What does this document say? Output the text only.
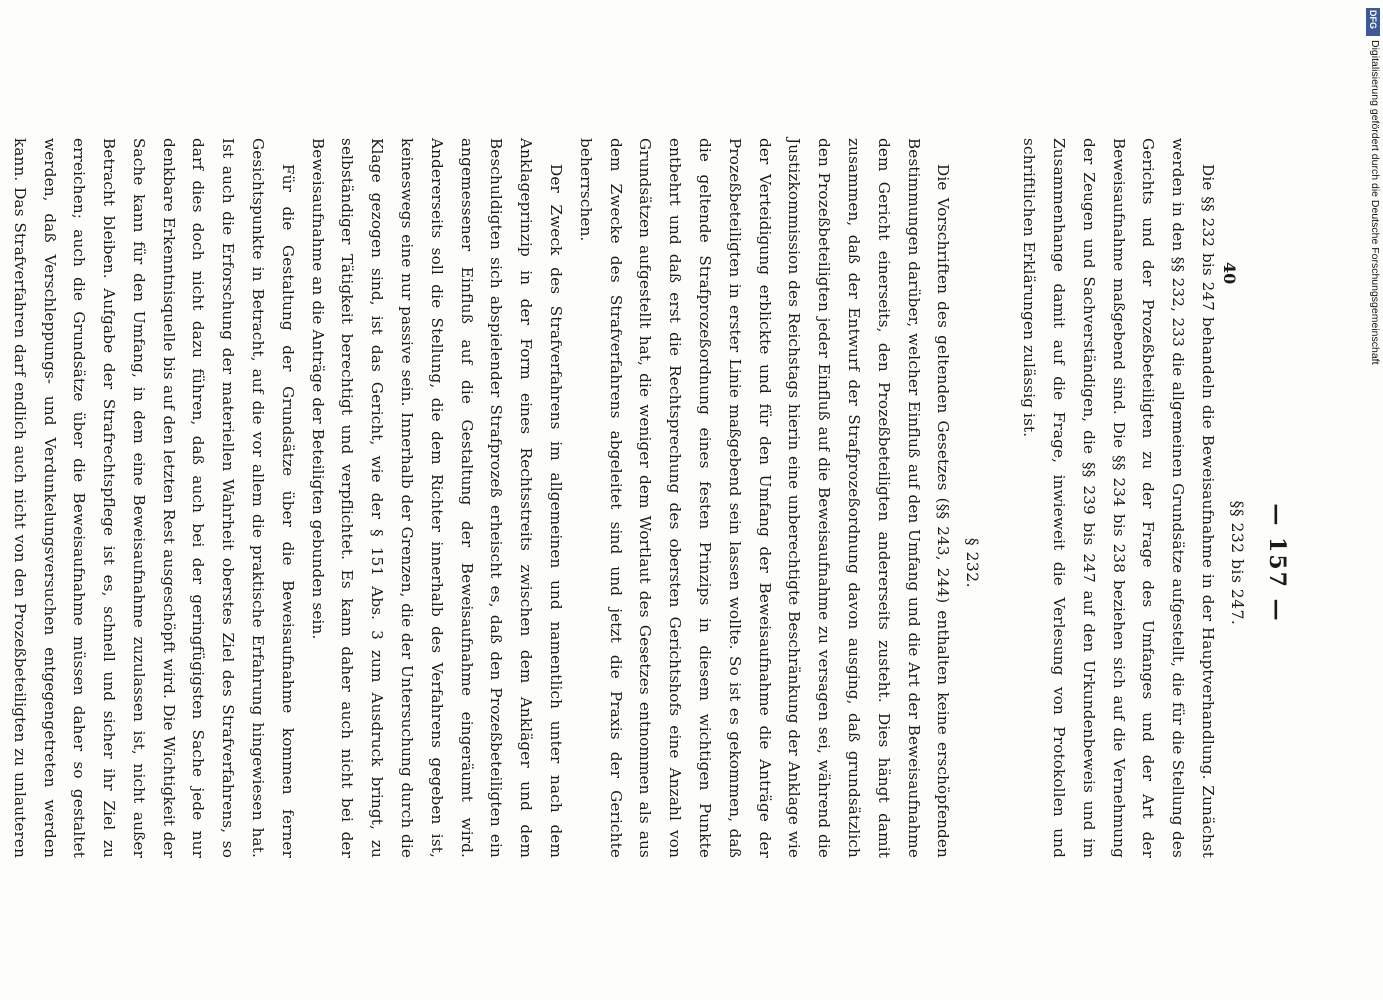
— 157 —
§§ 232 bis 247.

Die §§ 232 bis 247 behandeln die Beweisaufnahme in der Hauptverhandlung. Zunächst werden in den §§ 232, 233 die allgemeinen Grundsätze aufgestellt, die für die Stellung des Gerichts und der Prozeßbeteiligten zu der Frage des Umfanges und der Art der Beweisaufnahme maßgebend sind. Die §§ 234 bis 238 beziehen sich auf die Vernehmung der Zeugen und Sachverständigen, die §§ 239 bis 247 auf den Urkundenbeweis und im Zusammenhange damit auf die Frage, inwieweit die Verlesung von Protokollen und schriftlichen Erklärungen zulässig ist.

§ 232.

Die Vorschriften des geltenden Gesetzes (§§ 243, 244) enthalten keine erschöpfenden Bestimmungen darüber, welcher Einfluß auf den Umfang und die Art der Beweisaufnahme dem Gericht einerseits, den Prozeßbeteiligten andererseits zusteht. Dies hängt damit zusammen, daß der Entwurf der Strafprozeßordnung davon ausging, daß grundsätzlich den Prozeßbeteiligten jeder Einfluß auf die Beweisaufnahme zu versagen sei, während die Justizkommission des Reichstags hierin eine unberechtigte Beschränkung der Anklage wie der Verteidigung erblickte und für den Umfang der Beweisaufnahme die Anträge der Prozeßbeteiligten in erster Linie maßgebend sein lassen wollte. So ist es gekommen, daß die geltende Strafprozeßordnung eines festen Prinzips in diesem wichtigen Punkte entbehrt und daß erst die Rechtsprechung des obersten Gerichtshofs eine Anzahl von Grundsätzen aufgestellt hat, die weniger dem Wortlaut des Gesetzes entnommen als aus dem Zwecke des Strafverfahrens abgeleitet sind und jetzt die Praxis der Gerichte beherrschen.

Der Zweck des Strafverfahrens im allgemeinen und namentlich unter nach dem Anklageprinzip in der Form eines Rechtsstreits zwischen dem Ankläger und dem Beschuldigten sich abspielender Strafprozeß erheischt es, daß den Prozeßbeteiligten ein angemessener Einfluß auf die Gestaltung der Beweisaufnahme eingeräumt wird. Andererseits soll die Stellung, die dem Richter innerhalb des Verfahrens gegeben ist, keineswegs eine nur passive sein. Innerhalb der Grenzen, die der Untersuchung durch die Klage gezogen sind, ist das Gericht, wie der § 151 Abs. 3 zum Ausdruck bringt, zu selbständiger Tätigkeit berechtigt und verpflichtet. Es kann daher auch nicht bei der Beweisaufnahme an die Anträge der Beteiligten gebunden sein.

Für die Gestaltung der Grundsätze über die Beweisaufnahme kommen ferner Gesichtspunkte in Betracht, auf die vor allem die praktische Erfahrung hingewiesen hat. Ist auch die Erforschung der materiellen Wahrheit oberstes Ziel des Strafverfahrens, so darf dies doch nicht dazu führen, daß auch bei der geringfügigsten Sache jede nur denkbare Erkenntnisquelle bis auf den letzten Rest ausgeschöpft wird. Die Wichtigkeit der Sache kann für den Umfang, in dem eine Beweisaufnahme zuzulassen ist, nicht außer Betracht bleiben. Aufgabe der Strafrechtspflege ist es, schnell und sicher ihr Ziel zu erreichen; auch die Grundsätze über die Beweisaufnahme müssen daher so gestaltet werden, daß Verschleppungs- und Verdunkelungsversuchen entgegengetreten werden kann. Das Strafverfahren darf endlich auch nicht von den Prozeßbeteiligten zu unlauteren

40
DFG
Digitalisierung gefördert durch die Deutsche Forschungsgemeinschaft
